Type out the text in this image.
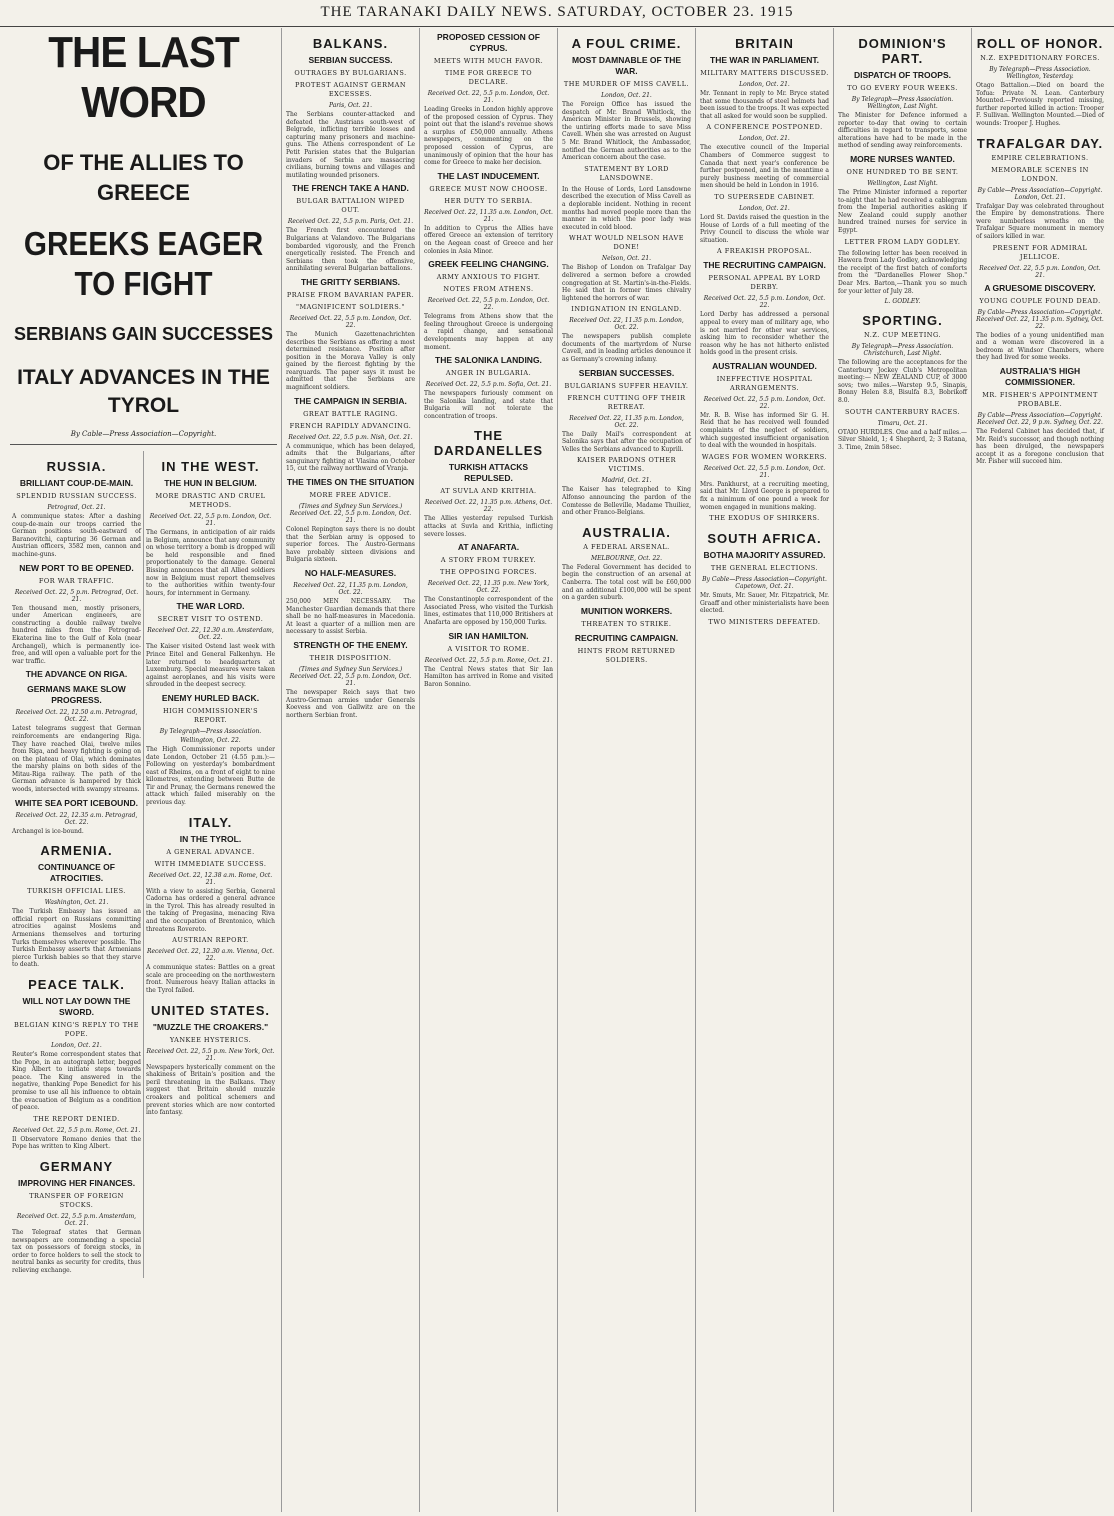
THE TARANAKI DAILY NEWS. SATURDAY, OCTOBER 23. 1915
THE LAST WORD
OF THE ALLIES TO GREECE
GREEKS EAGER TO FIGHT
SERBIANS GAIN SUCCESSES
ITALY ADVANCES IN THE TYROL
By Cable—Press Association—Copyright.
RUSSIA.
BRILLIANT COUP-DE-MAIN.
SPLENDID RUSSIAN SUCCESS.
Petrograd, Oct. 21.

A communique states: After a dashing coup-de-main our troops carried the German positions south-eastward of Baranovitchi, capturing 36 German and Austrian officers, 3582 men, cannon and machine-guns.

NEW PORT TO BE OPENED.
FOR WAR TRAFFIC.
Received Oct. 22, 5 p.m. Petrograd, Oct. 21.

Ten thousand men, mostly prisoners, under American engineers, are constructing a double railway twelve hundred miles from the Petrograd-Ekaterina line to the Gulf of Kola (near Archangel), which is permanently ice-free, and will open a valuable port for the war traffic.

THE ADVANCE ON RIGA.
GERMANS MAKE SLOW PROGRESS.
Received Oct. 22, 12.50 a.m. Petrograd, Oct. 22.

Latest telegrams suggest that German reinforcements are endangering Riga. They have reached Olai, twelve miles from Riga, and heavy fighting is going on on the plateau of Olai, which dominates the marshy plains on both sides of the Mitau-Riga railway. The path of the German advance is hampered by thick woods, intersected with swampy streams.

WHITE SEA PORT ICEBOUND.
Received Oct. 22, 12.35 a.m. Petrograd, Oct. 22.

Archangel is ice-bound.

ARMENIA.
CONTINUANCE OF ATROCITIES.
TURKISH OFFICIAL LIES.
Washington, Oct. 21.

The Turkish Embassy has issued an official report on Russians committing atrocities against Moslems and Armenians themselves and torturing Turks themselves wherever possible. The Turkish Embassy asserts that Armenians pierce Turkish babies so that they starve to death.

PEACE TALK.
WILL NOT LAY DOWN THE SWORD.
BELGIAN KING'S REPLY TO THE POPE.
London, Oct. 21.

Reuter's Rome correspondent states that the Pope, in an autograph letter, begged King Albert to initiate steps towards peace. The King answered in the negative, thanking Pope Benedict for his promise to use all his influence to obtain the evacuation of Belgium as a condition of peace.

THE REPORT DENIED.
Received Oct. 22, 5.5 p.m. Rome, Oct. 21.

Il Observatore Romano denies that the Pope has written to King Albert.

GERMANY
IMPROVING HER FINANCES.
TRANSFER OF FOREIGN STOCKS.
Received Oct. 22, 5.5 p.m. Amsterdam, Oct. 21.

The Telegraaf states that German newspapers are commending a special tax on possessors of foreign stocks, in order to force holders to sell the stock to neutral banks as security for credits, thus relieving exchange.

IN THE WEST.
THE HUN IN BELGIUM.
MORE DRASTIC AND CRUEL METHODS.
Received Oct. 22, 5.5 p.m. London, Oct. 21.

The Germans, in anticipation of air raids in Belgium, announce that any community on whose territory a bomb is dropped will be held responsible and fined proportionately to the damage. General Bissing announces that all Allied soldiers now in Belgium must report themselves to the authorities within twenty-four hours, for internment in Germany.

THE WAR LORD.
SECRET VISIT TO OSTEND.
Received Oct. 22, 12.30 a.m. Amsterdam, Oct. 22.

The Kaiser visited Ostend last week with Prince Eitel and General Falkenhyn. He later returned to headquarters at Luxemburg. Special measures were taken against aeroplanes, and his visits were shrouded in the deepest secrecy.

ENEMY HURLED BACK.
HIGH COMMISSIONER'S REPORT.
By Telegraph—Press Association.
Wellington, Oct. 22.

The High Commissioner reports under date London, October 21 (4.55 p.m.):—Following on yesterday's bombardment east of Rheims, on a front of eight to nine kilometres, extending between Butte de Tir and Prunay, the Germans renewed the attack which failed miserably on the previous day.

ITALY.
IN THE TYROL.
A GENERAL ADVANCE.
WITH IMMEDIATE SUCCESS.
Received Oct. 22, 12.38 a.m. Rome, Oct. 21.

With a view to assisting Serbia, General Cadorna has ordered a general advance in the Tyrol. This has already resulted in the taking of Pregasina, menacing Riva and the occupation of Brentonico, which threatens Rovereto.

AUSTRIAN REPORT.
Received Oct. 22, 12.30 a.m. Vienna, Oct. 22.

A communique states: Battles on a great scale are proceeding on the northwestern front. Numerous heavy Italian attacks in the Tyrol failed.

UNITED STATES.
"MUZZLE THE CROAKERS."
YANKEE HYSTERICS.
Received Oct. 22, 5.5 p.m. New York, Oct. 21.

Newspapers hysterically comment on the shakiness of Britain's position and the peril threatening in the Balkans. They suggest that Britain should muzzle croakers and political schemers and prevent stories which are now contorted into fantasy.

BALKANS.
SERBIAN SUCCESS.
OUTRAGES BY BULGARIANS.
PROTEST AGAINST GERMAN EXCESSES.
Paris, Oct. 21.

The Serbians counter-attacked and defeated the Austrians south-west of Belgrade, inflicting terrible losses and capturing many prisoners and machine-guns. The Athens correspondent of Le Petit Parisien states that the Bulgarian invaders of Serbia are massacring civilians, burning towns and villages and mutilating wounded prisoners.

THE FRENCH TAKE A HAND.
BULGAR BATTALION WIPED OUT.
Received Oct. 22, 5.5 p.m. Paris, Oct. 21.

The French first encountered the Bulgarians at Valandovo. The Bulgarians bombarded vigorously, and the French energetically resisted. The French and Serbians then took the offensive, annihilating several Bulgarian battalions.

THE GRITTY SERBIANS.
PRAISE FROM BAVARIAN PAPER.
"MAGNIFICENT SOLDIERS."
Received Oct. 22, 5.5 p.m. London, Oct. 22.

The Munich Gazettenachrichten describes the Serbians as offering a most determined resistance. Position after position in the Morava Valley is only gained by the fiercest fighting by the rearguards. The paper says it must be admitted that the Serbians are magnificent soldiers.

THE CAMPAIGN IN SERBIA.
GREAT BATTLE RAGING.
FRENCH RAPIDLY ADVANCING.
Received Oct. 22, 5.5 p.m. Nish, Oct. 21.

A communique, which has been delayed, admits that the Bulgarians, after sanguinary fighting at Vlasina on October 15, cut the railway northward of Vranja.

THE TIMES ON THE SITUATION
MORE FREE ADVICE.
(Times and Sydney Sun Services.) Received Oct. 22, 5.5 p.m. London, Oct. 21.

Colonel Repington says there is no doubt that the Serbian army is opposed to superior forces. The Austro-Germans have probably sixteen divisions and Bulgaria sixteen.

NO HALF-MEASURES.
Received Oct. 22, 11.35 p.m. London, Oct. 22.

250,000 MEN NECESSARY. The Manchester Guardian demands that there shall be no half-measures in Macedonia. At least a quarter of a million men are necessary to assist Serbia.

STRENGTH OF THE ENEMY.
THEIR DISPOSITION.
(Times and Sydney Sun Services.) Received Oct. 22, 5.5 p.m. London, Oct. 21.

The newspaper Reich says that two Austro-German armies under Generals Koevess and von Gallwitz are on the northern Serbian front.

PROPOSED CESSION OF CYPRUS.
MEETS WITH MUCH FAVOR.
TIME FOR GREECE TO DECLARE.
Received Oct. 22, 5.5 p.m. London, Oct. 21.

Leading Greeks in London highly approve of the proposed cession of Cyprus. They point out that the island's revenue shows a surplus of £50,000 annually. Athens newspapers, commenting on the proposed cession of Cyprus, are unanimously of opinion that the hour has come for Greece to make her decision.

THE LAST INDUCEMENT.
GREECE MUST NOW CHOOSE.
HER DUTY TO SERBIA.
Received Oct. 22, 11.35 a.m. London, Oct. 21.

In addition to Cyprus the Allies have offered Greece an extension of territory on the Aegean coast of Greece and her colonies in Asia Minor.

GREEK FEELING CHANGING.
ARMY ANXIOUS TO FIGHT.
NOTES FROM ATHENS.
Received Oct. 22, 5.5 p.m. London, Oct. 22.

Telegrams from Athens show that the feeling throughout Greece is undergoing a rapid change, and sensational developments may happen at any moment.

THE SALONIKA LANDING.
ANGER IN BULGARIA.
Received Oct. 22, 5.5 p.m. Sofia, Oct. 21.

The newspapers furiously comment on the Salonika landing, and state that Bulgaria will not tolerate the concentration of troops.

THE DARDANELLES
TURKISH ATTACKS REPULSED.
AT SUVLA AND KRITHIA.
Received Oct. 22, 11.35 p.m. Athens, Oct. 22.

The Allies yesterday repulsed Turkish attacks at Suvla and Krithia, inflicting severe losses.

AT ANAFARTA.
A STORY FROM TURKEY.
THE OPPOSING FORCES.
Received Oct. 22, 11.35 p.m. New York, Oct. 22.

The Constantinople correspondent of the Associated Press, who visited the Turkish lines, estimates that 110,000 Britishers at Anafarta are opposed by 150,000 Turks.

SIR IAN HAMILTON.
A VISITOR TO ROME.
Received Oct. 22, 5.5 p.m. Rome, Oct. 21.

The Central News states that Sir Ian Hamilton has arrived in Rome and visited Baron Sonnino.

A FOUL CRIME.
MOST DAMNABLE OF THE WAR.
THE MURDER OF MISS CAVELL.
London, Oct. 21.

The Foreign Office has issued the despatch of Mr. Brand Whitlock, the American Minister in Brussels, showing the untiring efforts made to save Miss Cavell. When she was arrested on August 5 Mr. Brand Whitlock, the Ambassador, notified the German authorities as to the American concern about the case.

STATEMENT BY LORD LANSDOWNE.

In the House of Lords, Lord Lansdowne described the execution of Miss Cavell as a deplorable incident. Nothing in recent months had moved people more than the manner in which the poor lady was executed in cold blood.

WHAT WOULD NELSON HAVE DONE!
Nelson, Oct. 21.

The Bishop of London on Trafalgar Day delivered a sermon before a crowded congregation at St. Martin's-in-the-Fields. He said that in former times chivalry lightened the horrors of war.

INDIGNATION IN ENGLAND.
Received Oct. 22, 11.35 p.m. London, Oct. 22.

The newspapers publish complete documents of the martyrdom of Nurse Cavell, and in leading articles denounce it as Germany's crowning infamy.

SERBIAN SUCCESSES.
BULGARIANS SUFFER HEAVILY.
FRENCH CUTTING OFF THEIR RETREAT.
Received Oct. 22, 11.35 p.m. London, Oct. 22.

The Daily Mail's correspondent at Salonika says that after the occupation of Velles the Serbians advanced to Kuprili.

KAISER PARDONS OTHER VICTIMS.
Madrid, Oct. 21.

The Kaiser has telegraphed to King Alfonso announcing the pardon of the Comtesse de Belleville, Madame Thuiliez, and other Franco-Belgians.

AUSTRALIA.
A FEDERAL ARSENAL.
MELBOURNE, Oct. 22.

The Federal Government has decided to begin the construction of an arsenal at Canberra. The total cost will be £60,000 and an additional £100,000 will be spent on a garden suburb.

MUNITION WORKERS.
THREATEN TO STRIKE.
RECRUITING CAMPAIGN.
HINTS FROM RETURNED SOLDIERS.
BRITAIN
THE WAR IN PARLIAMENT.
MILITARY MATTERS DISCUSSED.
London, Oct. 21.

Mr. Tennant in reply to Mr. Bryce stated that some thousands of steel helmets had been issued to the troops. It was expected that all asked for would soon be supplied.

A CONFERENCE POSTPONED.
London, Oct. 21.

The executive council of the Imperial Chambers of Commerce suggest to Canada that next year's conference be further postponed, and in the meantime a purely business meeting of commercial men should be held in London in 1916.

TO SUPERSEDE CABINET.
London, Oct. 21.

Lord St. Davids raised the question in the House of Lords of a full meeting of the Privy Council to discuss the whole war situation.

A FREAKISH PROPOSAL.
THE RECRUITING CAMPAIGN.
PERSONAL APPEAL BY LORD DERBY.
Received Oct. 22, 5.5 p.m. London, Oct. 22.

Lord Derby has addressed a personal appeal to every man of military age, who is not married for other war services, asking him to reconsider whether the reason why he has not hitherto enlisted holds good in the present crisis.

AUSTRALIAN WOUNDED.
INEFFECTIVE HOSPITAL ARRANGEMENTS.
Received Oct. 22, 5.5 p.m. London, Oct. 22.

Mr. R. B. Wise has informed Sir G. H. Reid that he has received well founded complaints of the neglect of soldiers, which suggested insufficient organisation to deal with the wounded in hospitals.

WAGES FOR WOMEN WORKERS.
Received Oct. 22, 5.5 p.m. London, Oct. 21.

Mrs. Pankhurst, at a recruiting meeting, said that Mr. Lloyd George is prepared to fix a minimum of one pound a week for women engaged in munitions making.

THE EXODUS OF SHIRKERS.
SOUTH AFRICA.
BOTHA MAJORITY ASSURED.
THE GENERAL ELECTIONS.
By Cable—Press Association—Copyright. Capetown, Oct. 21.

Mr. Smuts, Mr. Sauer, Mr. Fitzpatrick, Mr. Graaff and other ministerialists have been elected.

TWO MINISTERS DEFEATED.
DOMINION'S PART.
DISPATCH OF TROOPS.
TO GO EVERY FOUR WEEKS.
By Telegraph—Press Association. Wellington, Last Night.

The Minister for Defence informed a reporter to-day that owing to certain difficulties in regard to transports, some alterations have had to be made in the method of sending away reinforcements.

MORE NURSES WANTED.
ONE HUNDRED TO BE SENT.
Wellington, Last Night.

The Prime Minister informed a reporter to-night that he had received a cablegram from the Imperial authorities asking if New Zealand could supply another hundred trained nurses for service in Egypt.

LETTER FROM LADY GODLEY.

The following letter has been received in Hawera from Lady Godley, acknowledging the receipt of the first batch of comforts from the "Dardanelles Flower Shop." Dear Mrs. Barton,—Thank you so much for your letter of July 28.

L. GODLEY.
SPORTING.
N.Z. CUP MEETING.
By Telegraph—Press Association. Christchurch, Last Night.

The following are the acceptances for the Canterbury Jockey Club's Metropolitan meeting:— NEW ZEALAND CUP, of 3000 sovs; two miles.—Warstep 9.5, Sinapis, Bonny Helen 8.8, Bisulfa 8.3, Bobrikoff 8.0.

SOUTH CANTERBURY RACES.
Timaru, Oct. 21.

OTAIO HURDLES. One and a half miles.—Silver Shield, 1; 4 Shepherd, 2; 3 Ratana, 3. Time, 2min 58sec.

ROLL OF HONOR.
N.Z. EXPEDITIONARY FORCES.
By Telegraph—Press Association. Wellington, Yesterday.

Otago Battalion.—Died on board the Tofua: Private N. Lean. Canterbury Mounted.—Previously reported missing, further reported killed in action: Trooper F. Sullivan. Wellington Mounted.—Died of wounds: Trooper J. Hughes.

TRAFALGAR DAY.
EMPIRE CELEBRATIONS.
MEMORABLE SCENES IN LONDON.
By Cable—Press Association—Copyright. London, Oct. 21.

Trafalgar Day was celebrated throughout the Empire by demonstrations. There were numberless wreaths on the Trafalgar Square monument in memory of sailors killed in war.

PRESENT FOR ADMIRAL JELLICOE.
Received Oct. 22, 5.5 p.m. London, Oct. 21.
A GRUESOME DISCOVERY.
YOUNG COUPLE FOUND DEAD.
By Cable—Press Association—Copyright. Received Oct. 22, 11.35 p.m. Sydney, Oct. 22.

The bodies of a young unidentified man and a woman were discovered in a bedroom at Windsor Chambers, where they had lived for some weeks.

AUSTRALIA'S HIGH COMMISSIONER.
MR. FISHER'S APPOINTMENT PROBABLE.
By Cable—Press Association—Copyright. Received Oct. 22, 9 p.m. Sydney, Oct. 22.

The Federal Cabinet has decided that, if Mr. Reid's successor, and though nothing has been divulged, the newspapers accept it as a foregone conclusion that Mr. Fisher will succeed him.
